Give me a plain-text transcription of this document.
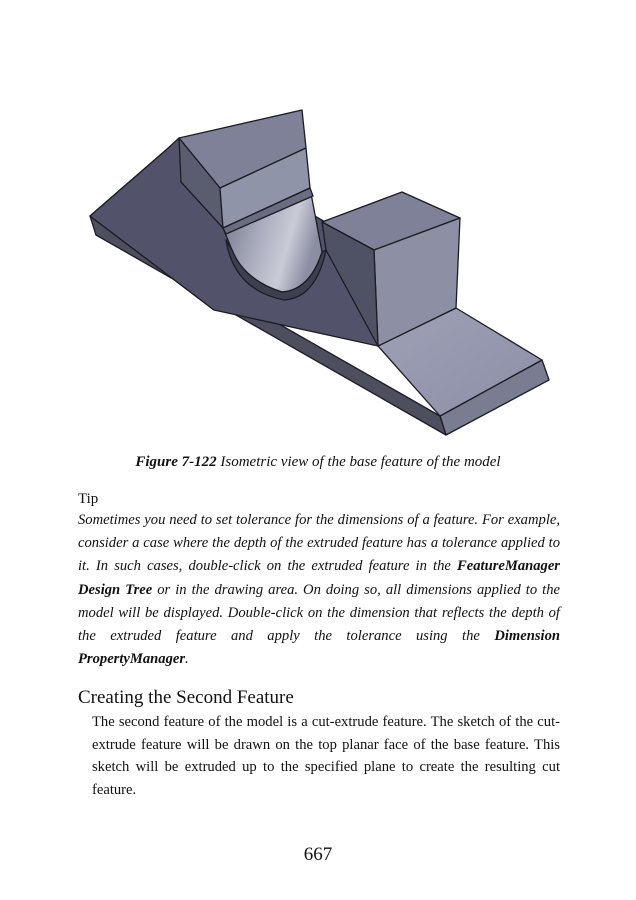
Figure 7-122 Isometric view of the base feature of the model
Tip

Sometimes you need to set tolerance for the dimensions of a feature. For example, consider a case where the depth of the extruded feature has a tolerance applied to it. In such cases, double-click on the extruded feature in the FeatureManager Design Tree or in the drawing area. On doing so, all dimensions applied to the model will be displayed. Double-click on the dimension that reflects the depth of the extruded feature and apply the tolerance using the Dimension PropertyManager.

Creating the Second Feature

The second feature of the model is a cut-extrude feature. The sketch of the cut-extrude feature will be drawn on the top planar face of the base feature. This sketch will be extruded up to the specified plane to create the resulting cut feature.

667
